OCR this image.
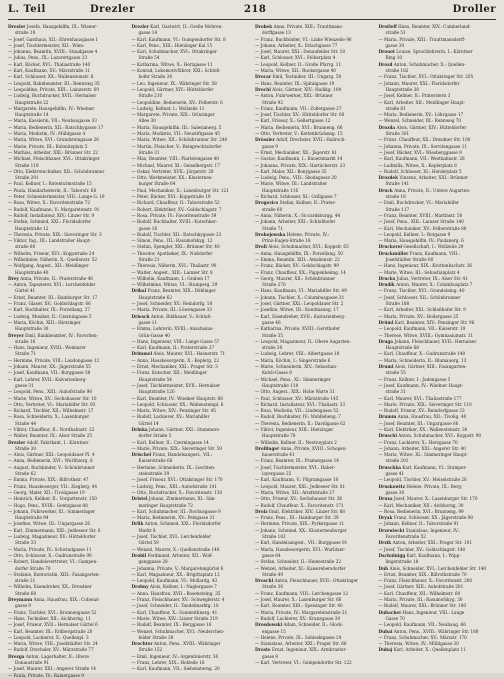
L. Teil	Drezler	218	Droller

Drexler Josefa, Hausgehilfin, IX.: Wiener-

straße 18

— Josef, Gasthaus, XII.: Ehrenhausgasse 1

— Josef, Tischlermeister, XII.: Wien-

— Johanna, Beamtin, XVIII.: Staudgasse 4

— Julius, Pens., IX.: Lazarettgasse 23

— Karl, Bäcker, XVI.: Thaliastraße 140

— Karl, Kaufmann, XV.: Märzstraße 11

— Karl, Schlosser, XX.: Wallensteinstr. 8

— Leopold, Bahnbeamter, III.: Rennweg 35

— Leopoldine, Private, XIII.: Lainzerstr. 69

— Ludwig, Buchdrucker, XVII.: Hernalser

Hauptstraße 22

— Margarete, Hausgehilfin, IV.: Wiedner

Hauptstraße 14

— Maria, Kassierin, VII.: Neubaugasse 33

— Maria, Bedienerin, XII.: Ratschkygasse 17

— Maria, Modistin, IV.: Mühlgasse 4

— Maria, Witwe, XVI.: Grundsteingasse 26

— Marie, Private, III.: Kolonitzplatz 5

— Mathias, Arbeiter, XXI.: Brünner Str. 22

— Michael, Fleischhauer, XVI.: Ottakringer

Straße 118

— Otto, Elektrotechniker, XII.: Schönbrunner

Straße 201

— Paul, Kellner, I.: Rotenturmstraße 15

— Paula, Handarbeiterin, II.: Taborstr. 68

— Peter, Schneidermeister, VIII.: Lange G. 19

— Rosa, Witwe, X.: Favoritenstraße 72

— Rudolf, Kaufmann, V.: Margaretenstr. 91

— Rudolf, Installateur, XIV.: Linzer Str. 9

— Stefan, Schmied, XXI.: Floridsdorfer

Hauptstraße 12

— Theresia, Private, XIX.: Sieveringer Str. 3

— Viktor, Ing., III.: Landstraßer Haupt-

straße 80

— Wilhelm, Friseur, XVI.: Koppstraße 24

— Wilhelmine, Näherin, X.: Quellenstr. 52

— Wolfgang, Angest., XII.: Meidlinger

Hauptstraße 40

Drey Anna, Private, II.: Praterstraße 48

— Anton, Tapezierer, XVI.: Lerchenfelder

Gürtel 41

— Ernst, Beamter, III.: Hainburger Str. 17

— Franz, Glaser, XV.: Goldschlagstr. 66

— Karl, Buchhalter, IX.: Porzellang. 27

— Ludwig, Musiker, II.: Czerningasse 5

— Maria, Köchin, XIII.: Hietzinger

Hauptstraße 30

Dreyer Emil, Bankbeamter, IV.: Favoriten-

straße 16

— Hans, Ingenieur, XVIII.: Weimarer

Straße 71

— Hermine, Private, VIII.: Laudongasse 12

— Johann, Maurer, XX.: Jägerstraße 55

— Josef, Kaufmann, VII.: Burggasse 58

— Karl, Lehrer, XVII.: Kalvarienberg-

gasse 31

— Leopold, Pens., XIII.: Auhofstraße 98

— Marie, Witwe, XV.: Sechshauser Str. 10

— Otto, Vertreter, VI.: Mariahilfer Str. 93

— Richard, Tischler, XII.: Wilhelmstr. 37

— Rosa, Schneiderin, X.: Laxenburger

Straße 44

— Viktor, Chauffeur, II.: Nordbahnstr. 22

— Walter, Beamter, IX.: Alser Straße 25

Drezler Adolf, Fabrikant, I.: Kärntner

Straße 30

— Alois, Gärtner, XXI.: Leopoldauer Pl. 4

— Anna, Bedienerin, XVI.: Wurlitzerg. 8

— August, Buchbinder, V.: Schönbrunner

Straße 62

— Emma, Private, XIX.: Billrothstr. 47

— Franz, Hausbesorger, VII.: Zieglerg. 44

— Georg, Maler, XII.: Tivoligasse 19

— Heinrich, Kellner, II.: Vorgartenstr. 150

— Hugo, Pens., XVIII.: Gentzgasse 88

— Johann, Fuhrwerker, XI.: Simmeringer

Hauptstraße 94

— Josefine, Witwe, III.: Ungargasse 26

— Karl, Zimmermann, XXI.: Jedleseer Str. 6

— Ludwig, Magazineur, XV.: Hütteldorfer

Straße 33

— Maria, Private, IV.: Schwindgasse 11

— Otto, Schlosser, X.: Gudrunstraße 99

— Robert, Handelsvertreter, VI.: Gumpen-

dorfer Straße 70

— Stefanie, Kontoristin, XIII.: Fasangarten-

straße 21

— Wilhelm, Eisendreher, XX.: Dresdner

Straße 68

Dreymann Anna, Hausfrau, XIX.: Cobenzl-

gasse 9

— Franz, Tischler, XVI.: Brunnengasse 52

— Hans, Techniker, XII.: Aichhorng. 11

— Josef, Friseur, XVII.: Hernalser Gürtel 6

— Karl, Beamter, III.: Erdbergstraße 20

— Leopold, Lackierer, X.: Quellenpl. 3

— Maria, Witwe, VIII.: Josefstädter Str. 24

— Rudolf, Drechsler, XV.: Märzstraße 77

Drezga Anton, Lagerhalter, II.: Obere

Donaustraße 91

— Josef, Maurer, XXI.: Angerer Straße 14

— Paula, Private, IV.: Rainergasse 9

Drezler Karl, Gastwirt, II.: Große Mohren-

gasse 14

— Karl, Kaufmann, VI.: Gumpendorfer Str. 8

— Karl, Pens., XIII.: Hietzinger Kai 15

— Karl, Schuhmacher, XVI.: Ottakringer

Straße 54

— Katharina, Witwe, X.: Herzgasse 11

— Konrad, Lokomotivführer, XXI.: Schloß-

hofer Straße 24

— Leo, Ingenieur, IX.: Währinger Str. 58

— Leopold, Gärtner, XIV.: Hütteldorfer

Straße 210

— Leopoldine, Bedienerin, XV.: Felberstr. 6

— Ludwig, Kellner, I.: Wollzeile 11

— Margarete, Private, XIX.: Grinzinger

Allee 30

— Maria, Hausgehilfin, III.: Salesianerg. 5

— Maria, Modistin, VII.: Neustiftgasse 45

— Maria, Witwe, XII.: Schönbrunner Str. 240

— Martin, Fleischer, V.: Reinprechtsdorfer

Straße 31

— Max, Beamter, VIII.: Piaristengasse 40

— Michael, Maurer, XI.: Geiselbergstr. 17

— Oskar, Vertreter, XVII.: Jörgerstr. 28

— Otto, Werkmeister, XX.: Klosterneu-

burger Straße 64

— Paul, Mechaniker, X.: Laxenburger Str. 121

— Peter, Bäcker, XVI.: Koppstraße 19

— Richard, Chauffeur, II.: Taborstraße 52

— Robert, Elektriker, XV.: Goldschlagstr. 7

— Rosa, Private, IV.: Favoritenstraße 39

— Rudolf, Buchhalter, XVIII.: Kutschker-

gasse 16

— Rudolf, Tischler, XII.: Ratschkygasse 23

— Simon, Pens., III.: Rasumofskyg. 12

— Stefan, Spengler, XXI.: Brünner Str. 40

— Theodor, Apotheker, IX.: Nußdorfer

Straße 21

— Theresia, Näherin, XVI.: Thaliastr. 90

— Walter, Angest., XIII.: Lainzer Str. 8

— Wilhelm, Kaufmann, I.: Graben 17

— Wilhelmine, Witwe, VI.: Stumperg. 29

Dribal Franz, Beamter, XIX.: Döblinger

Hauptstraße 62

— Josef, Schneider, XV.: Reindorfg. 18

— Maria, Private, III.: Löwengasse 33

Driesch Anton, Bildhauer, V.: Schloß-

gasse 11

— Emma, Lehrerin, XVIII.: Anastasius-

Grün-Gasse 40

— Hans, Ingenieur, VIII.: Lange Gasse 57

— Karl, Kaufmann, II.: Praterstraße 27

Drimmel Alois, Maurer, XVI.: Hasnerstr. 71

— Anna, Hausbesorgerin, X.: Keplerg. 22

— Ernst, Mechaniker, XXI.: Prager Str. 3

— Franz, Kutscher, XII.: Meidlinger

Hauptstraße 54

— Josef, Tischlermeister, XVII.: Hernalser

Hauptstraße 120

— Karl, Beamter, IV.: Wiedner Hauptstr. 88

— Leopold, Schlosser, XX.: Wallensteinpl. 6

— Maria, Witwe, XIV.: Penzinger Str. 45

— Rudolf, Lackierer, XV.: Mariahilfer

Gürtel 14

Drinka Johann, Gärtner, XXI.: Stammers-

dorfer Straße 5

— Karl, Kellner, II.: Czerningasse 14

— Marie, Private, XIX.: Sieveringer Str. 59

Drischel Franz, Handelsangest., VII.:

Kaiserstraße 66

— Hermine, Schneiderin, IX.: Liechten-

steinstraße 39

— Josef, Friseur, XVI.: Ottakringer Str. 170

— Ludwig, Pens., XIII.: Auhofstraße 141

— Otto, Buchdrucker, X.: Favoritenstr. 130

Dristel Johann, Zimmermann, XI.: Sim-

meringer Hauptstraße 72

— Karl, Schuhmacher, III.: Rochusgasse 9

— Maria, Bedienerin, XV.: Pelzgasse 21

Drlik Anton, Schmied, XXI.: Floridsdorfer

Markt 8

— Josef, Tischler, XVI.: Lerchenfelder

Gürtel 59

— Wenzel, Maurer, X.: Quellenstraße 140

Drobil Ferdinand, Arbeiter, XII.: Wolf-

ganggasse 28

— Johanna, Private, V.: Margaretengürtel 6

— Karl, Magazineur, XX.: Brigittaplatz 12

— Leopold, Kaufmann, VI.: Mollardg. 43

Drobny Alois, Kellner, I.: Naglergasse 7

— Anna, Hausfrau, XVII.: Rosensteing. 35

— Franz, Fleischhauer, XV.: Schweglerstr. 4

— Josef, Schneider, II.: Tandelmarktg. 10

— Karl, Chauffeur, X.: Sonnleithnerg. 41

— Marie, Witwe, XIV.: Linzer Straße 219

— Rudolf, Beamter, IX.: Berggasse 16

— Wenzel, Schuhmacher, XVI.: Neulerchen-

felder Straße 38

Drochter Anton, Pens., XVIII.: Währinger

Straße 152

— Emil, Ingenieur, IV.: Argentinierstr. 36

— Franz, Lehrer, XIX.: Hofzeile 18

— Karl, Kaufmann, VII.: Siebensterng. 20

Drobek Anna, Private, XIII.: Trauttmans-

dorffgasse 13

— Franz, Buchbinder, VI.: Linke Wienzeile 96

— Johann, Arbeiter, X.: Erlachgasse 77

— Josef, Maurer, XXI.: Donaufelder Str. 18

— Karl, Schlosser, XVI.: Stöberplatz 4

— Leopold, Kellner, II.: Große Pfarrg. 11

— Maria, Witwe, XII.: Ruckergasse 40

Drocar Emil, Techniker, III.: Ungarg. 50

— Hans, Beamter, IX.: Spitalgasse 19

Drochl Alois, Gärtner, XIV.: Hadikg. 104

— Anton, Fuhrwerker, XXI.: Brünner

Straße 92

— Franz, Kaufmann, VII.: Zollergasse 27

— Josef, Tischler, XV.: Hütteldorfer Str. 60

— Karl, Friseur, X.: Gellertgasse 12

— Maria, Bedienerin, XVI.: Brunneng. 66

— Otto, Vertreter, V.: Kettenbrückeng. 15

Drössler Adolf, Drechsler, XVII.: Halirsch-

gasse 9

— Ernst, Mechaniker, XX.: Jägerstr. 81

— Gustav, Kaufmann, I.: Bauernmarkt 14

— Johanna, Private, XIX.: Hartäckerstr. 23

— Karl, Maler, XII.: Bonygasse 35

— Ludwig, Pens., VIII.: Skodagasse 20

— Marie, Witwe, III.: Landstraßer

Hauptstraße 116

— Richard, Schlosser, XI.: Grillgasse 7

Drogovics Stefan, Kellner, II.: Prater-

straße 60

— Anna, Näherin, X.: Siccardsburgg. 44

— Johann, Arbeiter, XXI.: Schloßhofer

Straße 71

Drohojowska Helene, Private, IV.:

Prinz-Eugen-Straße 18

Droll Alois, Schuhmacher, XVI.: Koppstr. 63

— Anna, Hausgehilfin, IX.: Porzellang. 50

— Emma, Beamtin, XIII.: Amalienstr. 22

— Franz, Bäcker, XV.: Goldschlagstr. 99

— Franz, Chauffeur, XX.: Pappenheimg. 14

— Georg, Maurer, XII.: Schönbrunner

Straße 270

— Hans, Kaufmann, VI.: Mariahilfer Str. 49

— Johann, Tischler, X.: Columbusgasse 31

— Josef, Gärtner, XXI.: Leopoldauer Str. 2

— Josefine, Witwe, III.: Kundmanng. 17

— Karl, Eisendreher, XVII.: Kalvarienberg-

gasse 46

— Katharina, Private, XVIII.: Gersthofer

Straße 35

— Leopold, Magazineur, II.: Obere Augarten-

straße 30

— Ludwig, Lehrer, VIII.: Albertgasse 18

— Maria, Köchin, I.: Singerstraße 6

— Marie, Schneiderin, XIV.: Sebastian-

Kelch-Gasse 8

— Michael, Pens., XI.: Simmeringer

Hauptstraße 118

— Otto, Angest., XIX.: Hohe Warte 31

— Paul, Schlosser, XV.: Märzstraße 145

— Richard, Installateur, XVI.: Thaliastr. 33

— Rosa, Modistin, VII.: Lindengasse 52

— Rudolf, Buchhalter, IV.: Wohllebeng. 7

— Theresia, Bedienerin, X.: Davidgasse 62

— Viktor, Ingenieur, XIII.: Hietzinger

Hauptstraße 70

— Wilhelm, Kellner, II.: Nestroyplatz 2

Drollinger Anna, Private, XVIII.: Schopen-

hauerstraße 41

— Franz, Beamter, IX.: Pramergasse 14

— Josef, Tischlermeister, XVI.: Haber-

layergasse 25

— Karl, Kaufmann, V.: Pilgramgasse 18

— Leopold, Maurer, XXI.: Jedleseer Str. 81

— Maria, Witwe, XII.: Arndtstraße 27

— Otto, Friseur, XV.: Sechshauser Str. 36

— Rudolf, Chauffeur, X.: Favoritenstr. 171

Drolz Emil, Elektriker, XIV.: Linzer Str. 88

— Franz, Pens., III.: Hainburger Str. 39

— Hermine, Private, XIX.: Pyrkergasse 11

— Johann, Schmied, XX.: Klosterneuburger

Straße 102

— Karl, Handelsangest., VII.: Burggasse 91

— Maria, Hausbesorgerin, XVI.: Wurlitzer-

gasse 64

— Stefan, Schneider, II.: Heinestraße 22

— Wenzel, Arbeiter, XI.: Kaiserebersdorfer

Straße 49

Droschl Anton, Fleischhauer, XVII.: Ottakringer

Straße 36

— Franz, Kaufmann, VIII.: Lerchengasse 12

— Josef, Maurer, X.: Laxenburger Str. 66

— Karl, Beamter, XIII.: Speisinger Str. 40

— Maria, Private, IV.: Margaretenstraße 21

— Rudolf, Lackierer, XV.: Kranzgasse 30

Drosdowski Adam, Schneider, II.: Glock-

engasse 15

— Helene, Private, IX.: Sobieskigasse 24

— Stanislaus, Arbeiter, XXI.: Prager Str. 66

Droste Ernst, Ingenieur, XIX.: Armbruster-

gasse 8

— Karl, Vertreter, VI.: Gumpendorfer Str. 122

Drotleff Hans, Beamter, XIV.: Cumberland-

straße 51

— Maria, Private, XIII.: Trauttmansdorff-

gasse 30

Drouot Louise, Sprachlehrerin, I.: Kärntner

Ring 10

Drozd Anton, Schuhmacher, X.: Quellen-

straße 182

— Franz, Tischler, XVI.: Ottakringer Str. 205

— Johann, Maurer, XXI.: Floridsdorfer

Hauptstraße 38

— Josef, Kellner, II.: Praterstern 3

— Karl, Arbeiter, XII.: Meidlinger Haupt-

straße 81

— Maria, Bedienerin, XV.: Löhrgasse 17

— Wenzel, Schneider, III.: Rennweg 70

Drozda Alois, Gärtner, XIV.: Hütteldorfer

Straße 301

— Franz, Chauffeur, XX.: Dresdner Str. 100

— Johanna, Private, IX.: Servitengasse 11

— Josef, Bäcker, XVI.: Wiesberggasse 9

— Karl, Kaufmann, VII.: Westbahnstr. 28

— Ludmilla, Witwe, X.: Keplerplatz 8

— Rudolf, Schlosser, XI.: Herderplatz 5

Drozdek Vinzenz, Arbeiter, XXI.: Brünner

Straße 141

Druck Anna, Private, II.: Untere Augarten-

straße 18

— Emil, Buchdrucker, VI.: Mariahilfer

Straße 117

— Franz, Beamter, XVIII.: Martinstr. 50

— Josef, Pens., XIII.: Lainzer Straße 140

— Karl, Mechaniker, XV.: Felberstraße 80

— Leopold, Kellner, I.: Rotgasse 9

— Maria, Hausgehilfin, IV.: Paulanerg. 6

Druckerei Gesellschaft, I.: Wollzeile 29

Druckmüller Franz, Kaufmann, VIII.:

Josefstädter Straße 60

— Hans, Ingenieur, XIX.: Krottenbachstr. 36

— Marie, Witwe, III.: Sebastianplatz 4

Drucks Julius, Vertreter, IX.: Alser Str. 41

Drudik Anton, Maurer, X.: Columbusplatz 7

— Franz, Tischler, XVI.: Grundsteing. 40

— Josef, Schlosser, XII.: Schönbrunner

Straße 188

— Karl, Arbeiter, XXI.: Schloßhofer Str. 9

— Maria, Private, XV.: Hollergasse 25

Drüml Karl, Beamter, XIV.: Penzinger Str. 96

— Leopold, Kaufmann, VII.: Kaiserstr. 19

— Therese, Witwe, XVIII.: Gymnasiumstr. 31

Druga Johann, Fleischhauer, XVII.: Hernalser

Hauptstraße 68

— Karl, Chauffeur, X.: Gudrunstraße 140

— Maria, Schneiderin, II.: Blumauerg. 13

Druml Alois, Gärtner, XIII.: Fasangarten-

straße 55

— Franz, Kellner, I.: Judengasse 5

— Josef, Kaufmann, IV.: Wiedner Haupt-

straße 31

— Karl, Maurer, XVI.: Thaliastraße 177

— Marie, Private, XIX.: Sieveringer Str. 110

— Rudolf, Friseur, XV.: Reindorfgasse 33

Drumm Anna, Hausfrau, XII.: Tivolig. 40

— Josef, Beamter, III.: Ungargasse 66

— Karl, Elektriker, XX.: Wallensteinstr. 30

Druschl Anton, Schuhmacher, XVI.: Koppstr. 90

— Franz, Lackierer, X.: Herzgasse 70

— Johann, Arbeiter, XXI.: Angerer Str. 40

— Maria, Witwe, XI.: Simmeringer Haupt-

straße 201

Druschka Karl, Kaufmann, VI.: Stumper-

gasse 41

— Leopold, Tischler, XV.: Meiselstraße 26

Druskowitz Helene, Private, IX.: Berg-

gasse 30

Druxa Josef, Maurer, X.: Laxenburger Str. 170

— Karl, Mechaniker, XII.: Aichhorng. 30

— Rosa, Bedienerin, XVI.: Brunneng. 99

Dryak Franz, Schlosser, XX.: Jägerstraße 90

— Johann, Kellner, II.: Taborstraße 91

Drzewiecki Stanislaus, Ingenieur, IV.:

Favoritenstraße 52

Drzik Anton, Arbeiter, XXI.: Prager Str. 101

— Josef, Tischler, XV.: Goldschlagstr. 140

Dschulnigg Karl, Kaufmann, I.: Wipp-

lingerstraße 18

Dub Alois, Schneider, XVI.: Lerchenfelder Str. 140

— Ernst, Beamter, XIX.: Billrothstraße 70

— Franz, Fleischhauer, X.: Favoritenstr. 200

— Josef, Gärtner, XIII.: Auhofstraße 201

— Karl, Chauffeur, XII.: Wilhelmstr. 60

— Maria, Private, III.: Rasumofskyg. 30

— Rudolf, Maurer, XXI.: Brünner Str. 180

Dubacher Hans, Ingenieur, VIII.: Lange

Gasse 70

— Leopold, Kaufmann, VII.: Neubaug. 66

Dubai Anton, Pens., XVIII.: Währinger Str. 180

— Franz, Schuhmacher, XV.: Märzstr. 170

— Theresia, Witwe, IV.: Mühlgasse 30

Dubaj Karl, Arbeiter, X.: Quellenplatz 11
